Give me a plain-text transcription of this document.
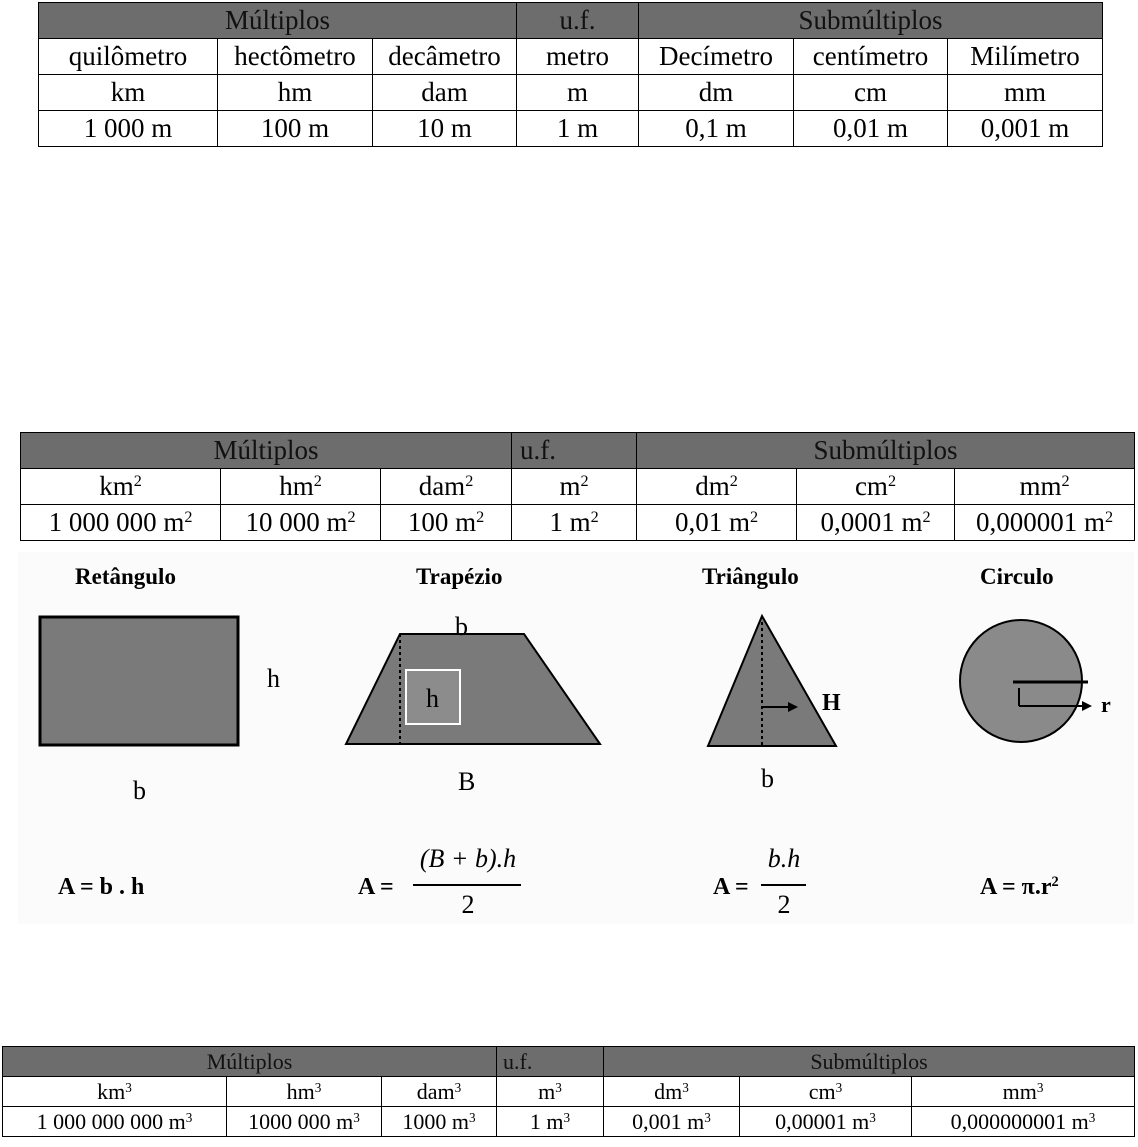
Múltiplos			u.f.	Submúltiplos		
quilômetro	hectômetro	decâmetro	metro	Decímetro	centímetro	Milímetro
km	hm	dam	m	dm	cm	mm
1 000 m	100 m	10 m	1 m	0,1 m	0,01 m	0,001 m
Múltiplos			u.f.	Submúltiplos		
$km^2$	$hm^2$	dam$^2$	$m^2$	$dm^2$	$cm^2$	$mm^2$
1 000 000 $m^2$	10 000 $m^2$	100 $m^2$	1 $m^2$	0,01 $m^2$	0,0001 $m^2$	0,000001 $m^2$
Retângulo
h
b
A = b . h
Trapézio
b
h
B
A =
(B + b).h
2
Triângulo
H
b
A =
b.h
2
Circulo
r
$A = \pi.r^2$
Múltiplos			u.f.	Submúltiplos		
$km^3$	$hm^3$	dam$^3$	$m^3$	$dm^3$	$cm^3$	$mm^3$
1 000 000 000 $m^3$	1000 000 $m^3$	1000 $m^3$	1 $m^3$	0,001 $m^3$	0,00001 $m^3$	0,000000001 $m^3$
